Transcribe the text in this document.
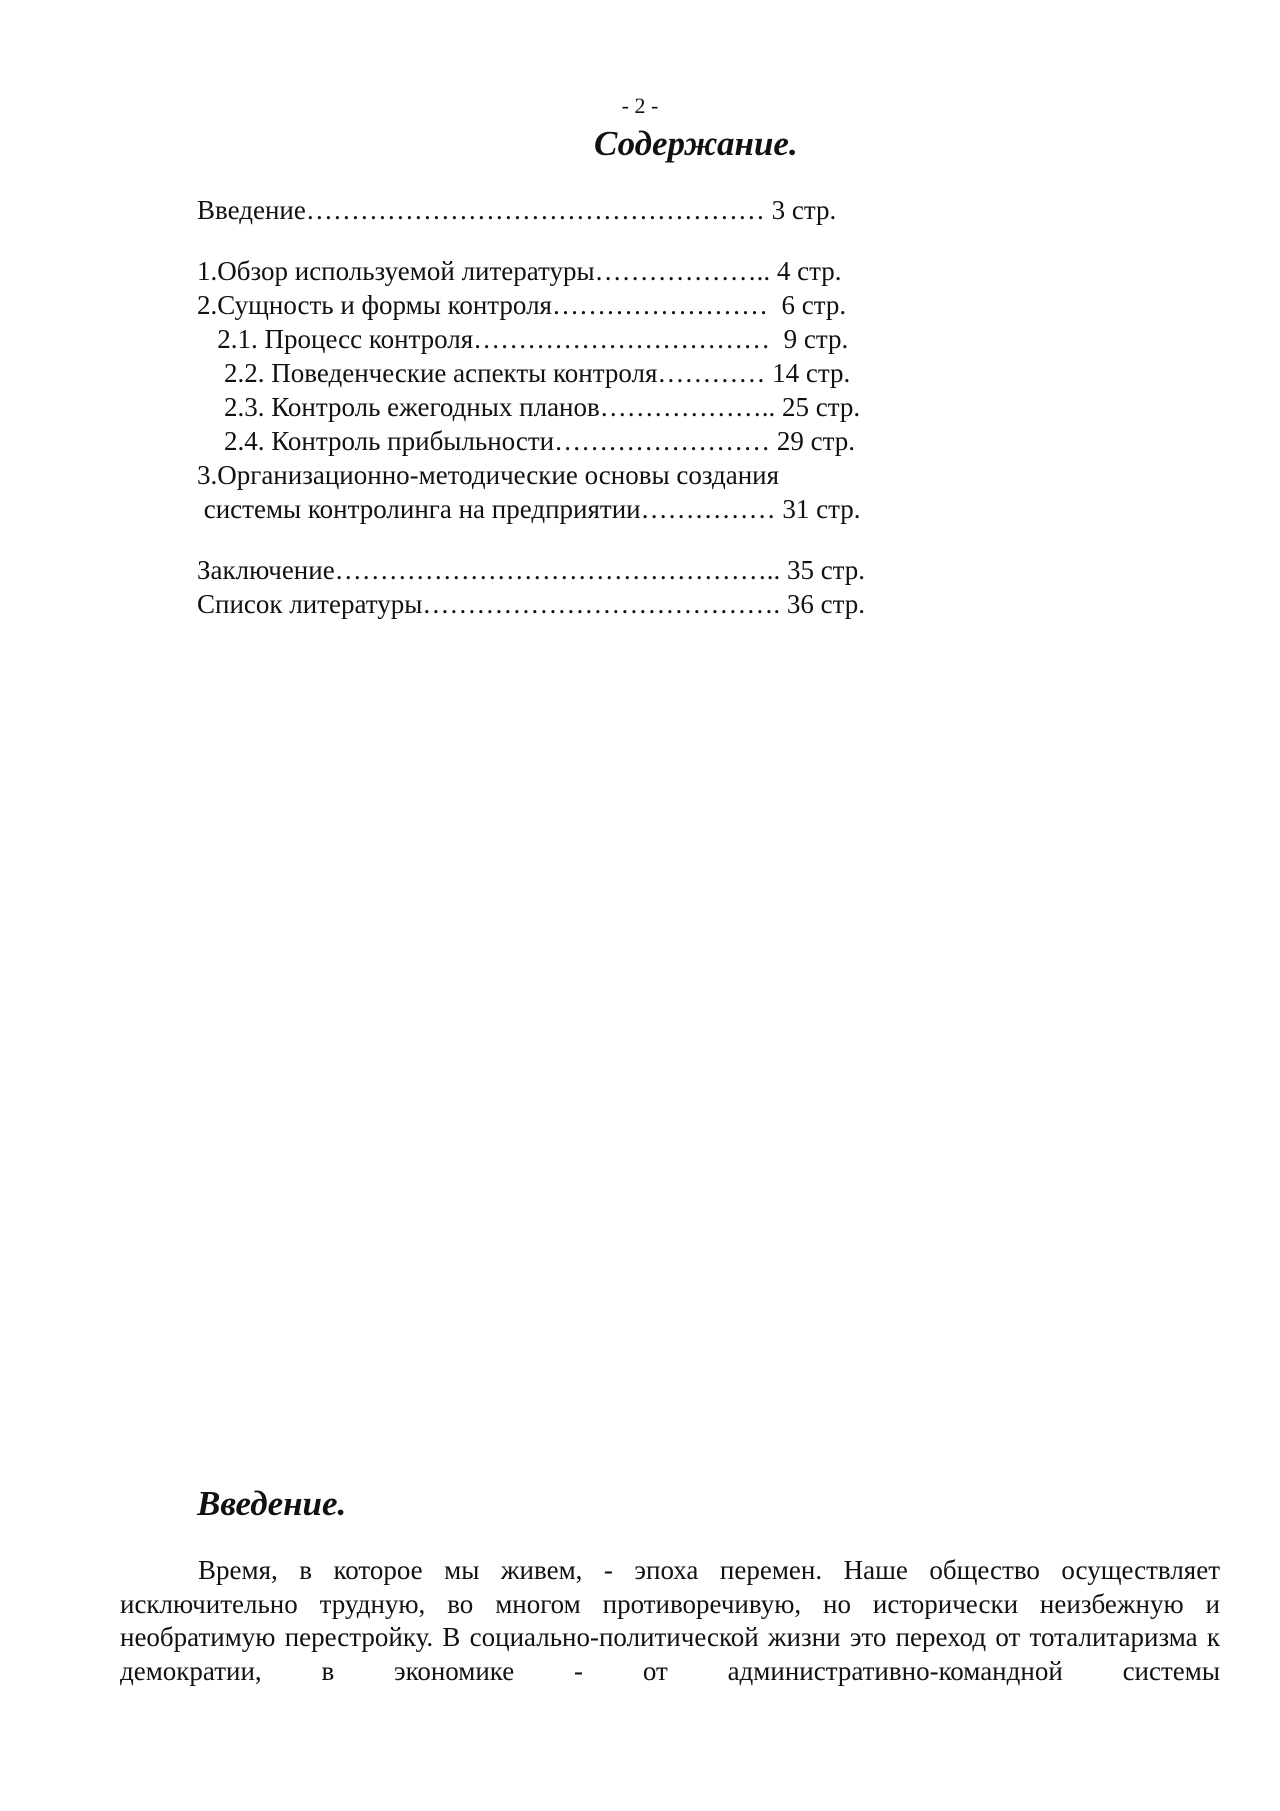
- 2 -
Содержание.
Введение…………………………………………… 3 стр.
1.Обзор используемой литературы……………….. 4 стр.
2.Сущность и формы контроля……………………  6 стр.
2.1. Процесс контроля……………………………  9 стр.
2.2. Поведенческие аспекты контроля………… 14 стр.
2.3. Контроль ежегодных планов……………….. 25 стр.
2.4. Контроль прибыльности…………………… 29 стр.
3.Организационно-методические основы создания
системы контролинга на предприятии…………… 31 стр.
Заключение………………………………………….. 35 стр.
Список литературы…………………………………. 36 стр.
Введение.

Время, в которое мы живем, - эпоха перемен. Наше общество осуществляет исключительно трудную, во многом противоречивую, но исторически неизбежную и необратимую перестройку. В социально-политической жизни это переход от тоталитаризма к демократии, в экономике - от административно-командной системы
